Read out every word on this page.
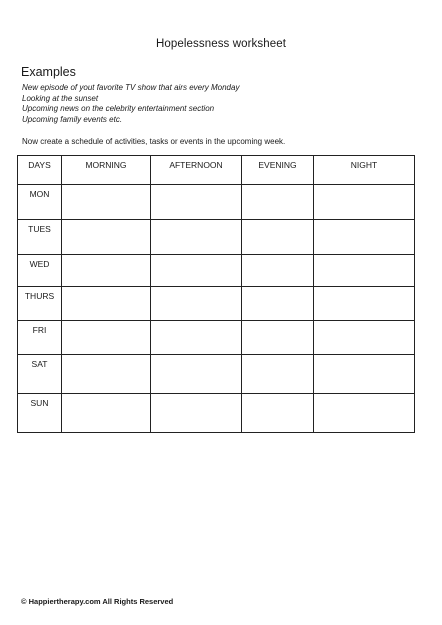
Hopelessness worksheet
Examples
New episode of yout favorite TV show that airs every Monday
Looking at the sunset
Upcoming news on the celebrity entertainment section
Upcoming family events etc.
Now create a schedule of activities, tasks or events in the upcoming week.
DAYS	MORNING	AFTERNOON	EVENING	NIGHT
MON				
TUES				
WED				
THURS				
FRI				
SAT				
SUN				
© Happiertherapy.com All Rights Reserved
